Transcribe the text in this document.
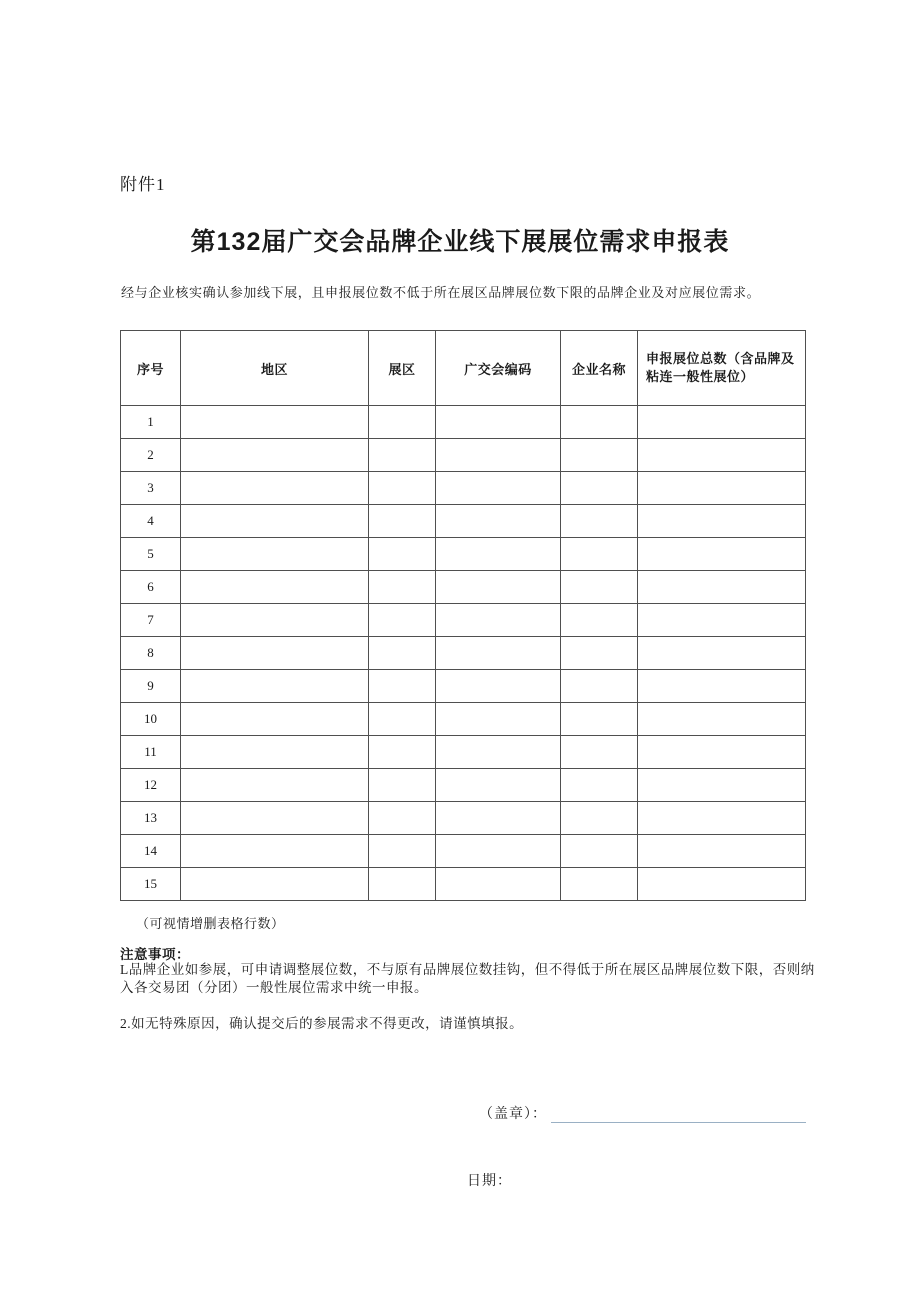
附件1
第132届广交会品牌企业线下展展位需求申报表
经与企业核实确认参加线下展，且申报展位数不低于所在展区品牌展位数下限的品牌企业及对应展位需求。
序号	地区	展区	广交会编码	企业名称	申报展位总数（含品牌及粘连一般性展位）
1					
2					
3					
4					
5					
6					
7					
8					
9					
10					
11					
12					
13					
14					
15					
（可视情增删表格行数）
注意事项：
L品牌企业如参展，可申请调整展位数，不与原有品牌展位数挂钩，但不得低于所在展区品牌展位数下限，否则纳入各交易团（分团）一般性展位需求中统一申报。
2.如无特殊原因，确认提交后的参展需求不得更改，请谨慎填报。
（盖章）：
日期：
